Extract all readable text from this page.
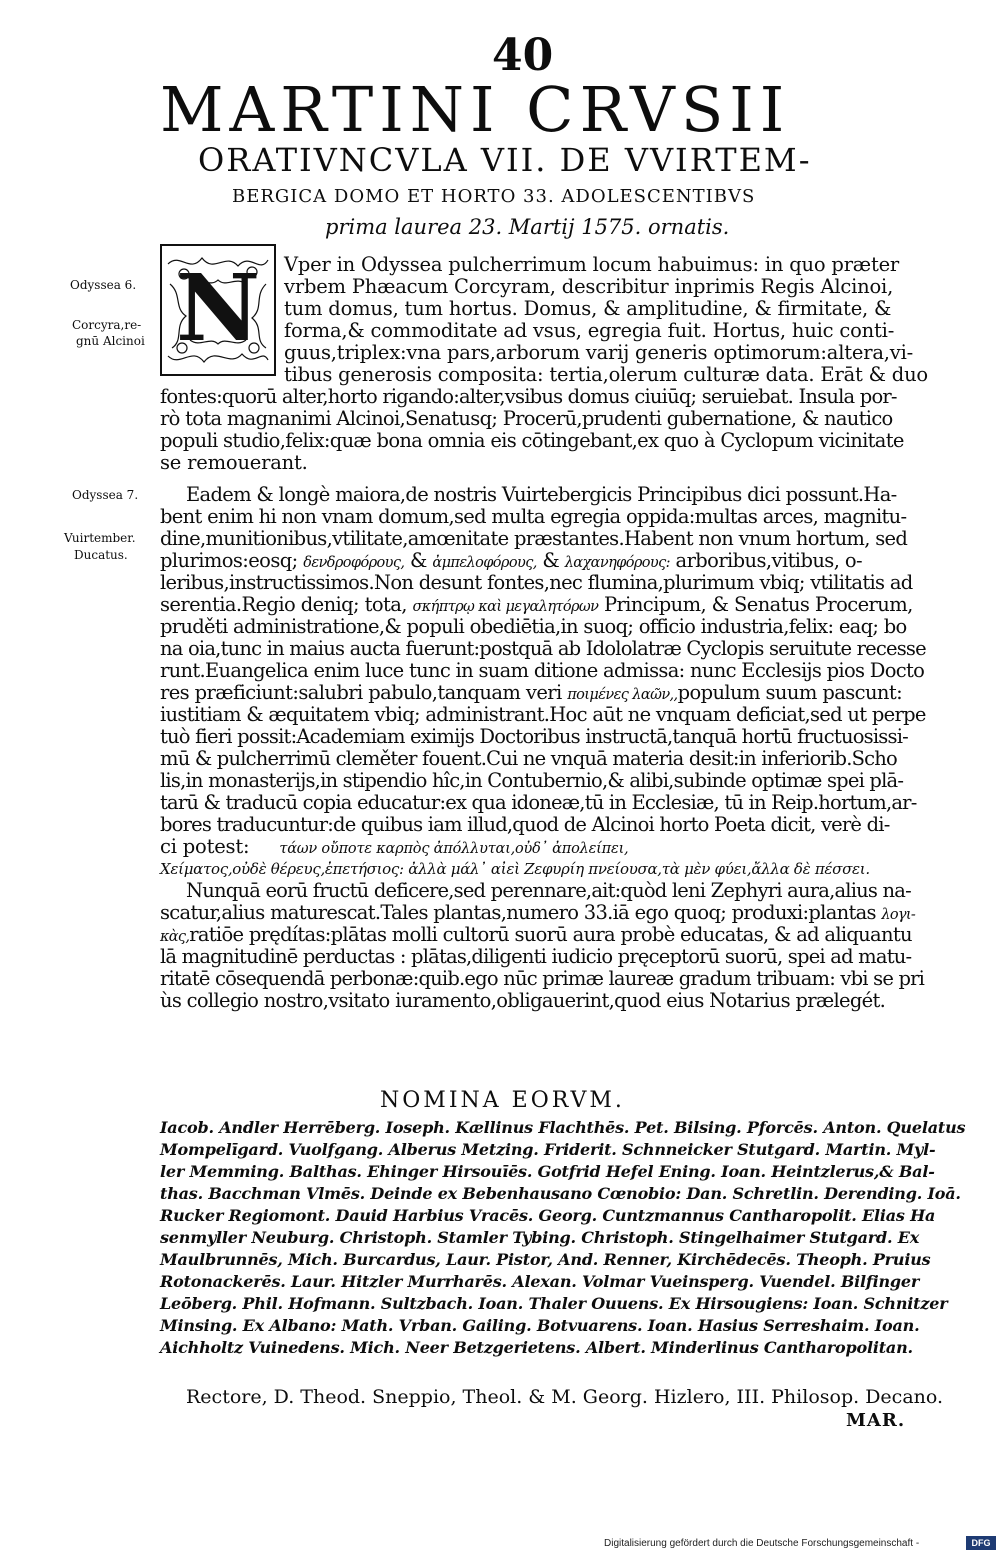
40
MARTINI CRVSII
ORATIVNCVLA VII. DE VVIRTEM-
BERGICA DOMO ET HORTO 33. ADOLESCENTIBVS
prima laurea 23. Martij 1575. ornatis.
Odyssea 6.
Corcyra,re-
gnū Alcinoi
Odyssea 7.
Vuirtember.
Ducatus.
N Vper in Odyssea pulcherrimum locum habuimus: in quo præter
vrbem Phæacum Corcyram, describitur inprimis Regis Alcinoi,
tum domus, tum hortus. Domus, & amplitudine, & firmitate, &
forma,& commoditate ad vsus, egregia fuit. Hortus, huic conti-
guus,triplex:vna pars,arborum varij generis optimorum:altera,vi-
tibus generosis composita: tertia,olerum culturæ data. Erāt & duo
fontes:quorū alter,horto rigando:alter,vsibus domus ciuiūq; seruiebat. Insula por-
rò tota magnanimi Alcinoi,Senatusq; Procerū,prudenti gubernatione, & nautico
populi studio,felix:quæ bona omnia eis cōtingebant,ex quo à Cyclopum vicinitate
se remouerant.
Eadem & longè maiora,de nostris Vuirtebergicis Principibus dici possunt.Ha-
bent enim hi non vnam domum,sed multa egregia oppida:multas arces, magnitu-
dine,munitionibus,vtilitate,amœnitate præstantes.Habent non vnum hortum, sed
plurimos:eosq; δενδροφόρους, & ἀμπελοφόρους, & λαχανηφόρους: arboribus,vitibus, o-
leribus,instructissimos.Non desunt fontes,nec flumina,plurimum vbiq; vtilitatis ad
serentia.Regio deniq; tota, σκήπτρῳ καὶ μεγαλητόρων Principum, & Senatus Procerum,
pruděti administratione,& populi obediētia,in suoq; officio industria,felix: eaq; bo
na oia,tunc in maius aucta fuerunt:postquā ab Idololatræ Cyclopis seruitute recesse
runt.Euangelica enim luce tunc in suam ditione admissa: nunc Ecclesijs pios Docto
res præficiunt:salubri pabulo,tanquam veri ποιμένες λαῶν,,populum suum pascunt:
iustitiam & æquitatem vbiq; administrant.Hoc aūt ne vnquam deficiat,sed ut perpe
tuò fieri possit:Academiam eximijs Doctoribus instructā,tanquā hortū fructuosissi-
mū & pulcherrimū cleměter fouent.Cui ne vnquā materia desit:in inferiorib.Scho
lis,in monasterijs,in stipendio hîc,in Contubernio,& alibi,subinde optimæ spei plā-
tarū & traducū copia educatur:ex qua idoneæ,tū in Ecclesiæ, tū in Reip.hortum,ar-
bores traducuntur:de quibus iam illud,quod de Alcinoi horto Poeta dicit, verè di-
ci potest: τάων οὔποτε καρπὸς ἀπόλλυται,οὐδ᾽ ἀπολείπει,
Χείματος,οὐδὲ θέρευς,ἐπετήσιος: ἀλλὰ μάλ᾽ αἰεὶ Ζεφυρίη πνείουσα,τὰ μὲν φύει,ἄλλα δὲ πέσσει.
Nunquā eorū fructū deficere,sed perennare,ait:quòd leni Zephyri aura,alius na-
scatur,alius maturescat.Tales plantas,numero 33.iā ego quoq; produxi:plantas λογι-
κὰς,ratiōe prędítas:plātas molli cultorū suorū aura probè educatas, & ad aliquantu
lā magnitudinē perductas : plātas,diligenti iudicio pręceptorū suorū, spei ad matu-
ritatē cōsequendā perbonæ:quib.ego nūc primæ laureæ gradum tribuam: vbi se pri
ùs collegio nostro,vsitato iuramento,obligauerint,quod eius Notarius prælegét.
NOMINA EORVM.
Iacob. Andler Herrēberg. Ioseph. Kællinus Flachthēs. Pet. Bilsing. Pforcēs. Anton. Quelatus
Mompelīgard. Vuolfgang. Alberus Metzing. Friderit. Schnneicker Stutgard. Martin. Myl-
ler Memming. Balthas. Ehinger Hirsouīēs. Gotfrid Hefel Ening. Ioan. Heintzlerus,& Bal-
thas. Bacchman Vlmēs. Deinde ex Bebenhausano Cœnobio: Dan. Schretlin. Derending. Ioā.
Rucker Regiomont. Dauid Harbius Vracēs. Georg. Cuntzmannus Cantharopolit. Elias Ha
senmyller Neuburg. Christoph. Stamler Tybing. Christoph. Stingelhaimer Stutgard. Ex
Maulbrunnēs, Mich. Burcardus, Laur. Pistor, And. Renner, Kirchēdecēs. Theoph. Pruius
Rotonackerēs. Laur. Hitzler Murrharēs. Alexan. Volmar Vueinsperg. Vuendel. Bilfinger
Leōberg. Phil. Hofmann. Sultzbach. Ioan. Thaler Ouuens. Ex Hirsougiens: Ioan. Schnitzer
Minsing. Ex Albano: Math. Vrban. Gailing. Botvuarens. Ioan. Hasius Serreshaim. Ioan.
Aichholtz Vuinedens. Mich. Neer Betzgerietens. Albert. Minderlinus Cantharopolitan.
Rectore, D. Theod. Sneppio, Theol. & M. Georg. Hizlero, III. Philosop. Decano.
MAR.
Digitalisierung gefördert durch die Deutsche Forschungsgemeinschaft -	DFG
